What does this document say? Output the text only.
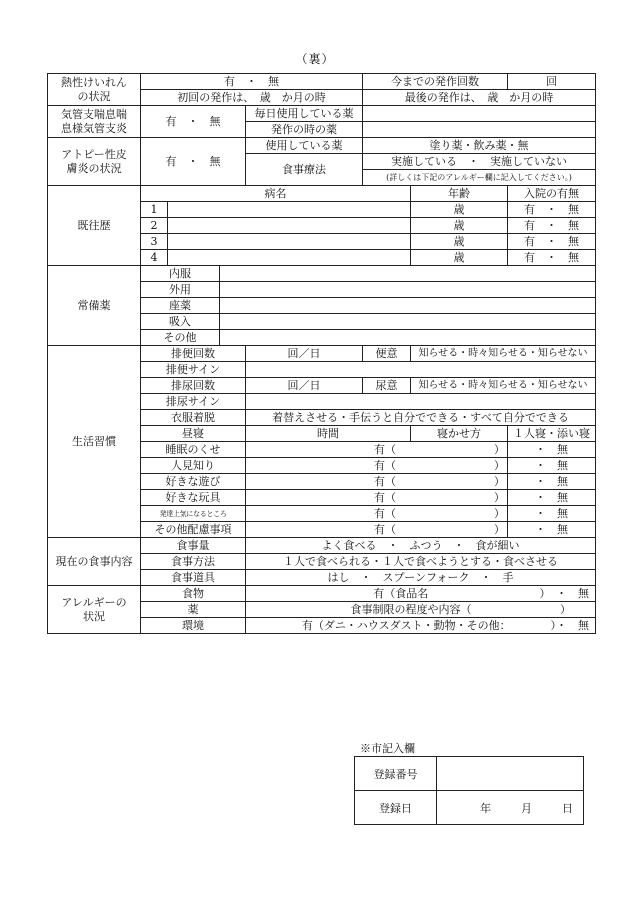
（裏）
熱性けいれん
の状況	有　・　無				今までの発作回数		回
	初回の発作は、　歳　か月の時				最後の発作は、　歳　か月の時		
気管支喘息喘
息様気管支炎	有　・　無			毎日使用している薬			
				発作の時の薬			
アトピー性皮
膚炎の状況	有　・　無			使用している薬	塗り薬・飲み薬・無		
				食事療法	実施している　・　実施していない		
					(詳しくは下記のアレルギー欄に記入してください。)		
既往歴	病名					年齢	入院の有無
	1					歳	有　・　無
	2					歳	有　・　無
	3					歳	有　・　無
	4					歳	有　・　無
常備薬	内服						
	外用						
	座薬						
	吸入						
	その他						
生活習慣	排便回数			回／日	便意	知らせる・時々知らせる・知らせない	
	排便サイン						
	排尿回数			回／日	尿意	知らせる・時々知らせる・知らせない	
	排尿サイン						
	衣服着脱			着替えさせる・手伝うと自分でできる・すべて自分でできる			
	昼寝			時間		寝かせ方	１人寝・添い寝
	睡眠のくせ			有（ ）			・　無
	人見知り			有（ ）			・　無
	好きな遊び			有（ ）			・　無
	好きな玩具			有（ ）			・　無
	発達上気になるところ			有（ ）			・　無
	その他配慮事項			有（ ）			・　無
現在の食事内容	食事量			よく食べる　・　ふつう　・　食が細い			
	食事方法			１人で食べられる・１人で食べようとする・食べさせる			
	食事道具			はし　・　スプーンフォーク　・　手			
アレルギーの
状況	食物			有（食品名 ）　・　無			

	薬			食事制限の程度や内容（ ）			

	環境			有（ダニ・ハウスダスト・動物・その他： ）・　無			
※市記入欄
登録番号	
登録日	年 月 日
